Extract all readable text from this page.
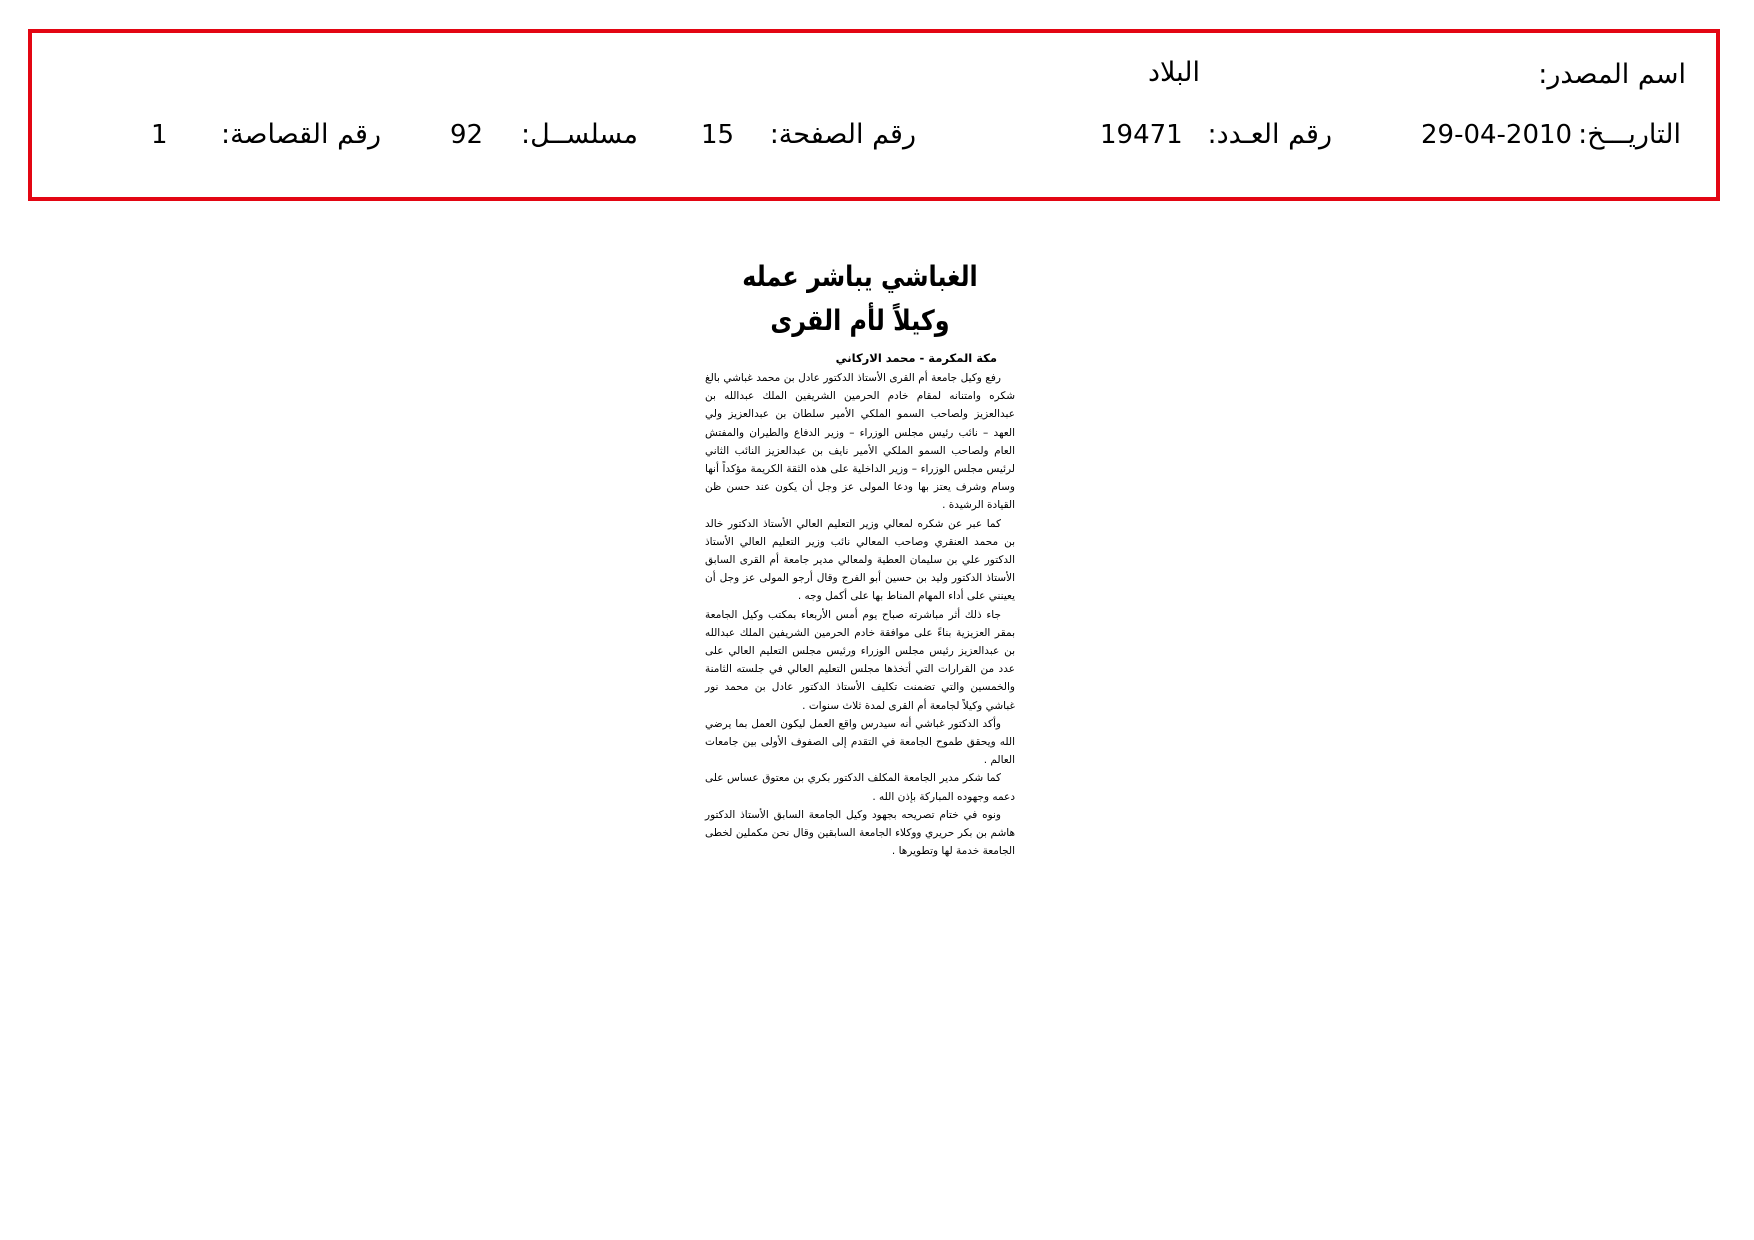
اسم المصدر:
البلاد
التاريـــخ:
29-04-2010
رقم العـدد:
19471
رقم الصفحة:
15
مسلســل:
92
رقم القصاصة:
1
الغباشي يباشر عمله وكيلاً لأم القرى
مكة المكرمة - محمد الاركاني

رفع وكيل جامعة أم القرى الأستاذ الدكتور عادل بن محمد غباشي بالغ شكره وامتنانه لمقام خادم الحرمين الشريفين الملك عبدالله بن عبدالعزيز ولصاحب السمو الملكي الأمير سلطان بن عبدالعزيز ولي العهد – نائب رئيس مجلس الوزراء – وزير الدفاع والطيران والمفتش العام ولصاحب السمو الملكي الأمير نايف بن عبدالعزيز النائب الثاني لرئيس مجلس الوزراء – وزير الداخلية على هذه الثقة الكريمة مؤكداً أنها وسام وشرف يعتز بها ودعا المولى عز وجل أن يكون عند حسن ظن القيادة الرشيدة .

كما عبر عن شكره لمعالي وزير التعليم العالي الأستاذ الدكتور خالد بن محمد العنقري وصاحب المعالي نائب وزير التعليم العالي الأستاذ الدكتور علي بن سليمان العطية ولمعالي مدير جامعة أم القرى السابق الأستاذ الدكتور وليد بن حسين أبو الفرج وقال أرجو المولى عز وجل أن يعينني على أداء المهام المناط بها على أكمل وجه .

جاء ذلك أثر مباشرته صباح يوم أمس الأربعاء بمكتب وكيل الجامعة بمقر العزيزية بناءً على موافقة خادم الحرمين الشريفين الملك عبدالله بن عبدالعزيز رئيس مجلس الوزراء ورئيس مجلس التعليم العالي على عدد من القرارات التي أتخذها مجلس التعليم العالي في جلسته الثامنة والخمسين والتي تضمنت تكليف الأستاذ الدكتور عادل بن محمد نور غباشي وكيلاً لجامعة أم القرى لمدة ثلاث سنوات .

وأكد الدكتور غباشي أنه سيدرس واقع العمل ليكون العمل بما يرضي الله ويحقق طموح الجامعة في التقدم إلى الصفوف الأولى بين جامعات العالم .

كما شكر مدير الجامعة المكلف الدكتور بكري بن معتوق عساس على دعمه وجهوده المباركة بإذن الله .

ونوه في ختام تصريحه بجهود وكيل الجامعة السابق الأستاذ الدكتور هاشم بن بكر حريري ووكلاء الجامعة السابقين وقال نحن مكملين لخطى الجامعة خدمة لها وتطويرها .
